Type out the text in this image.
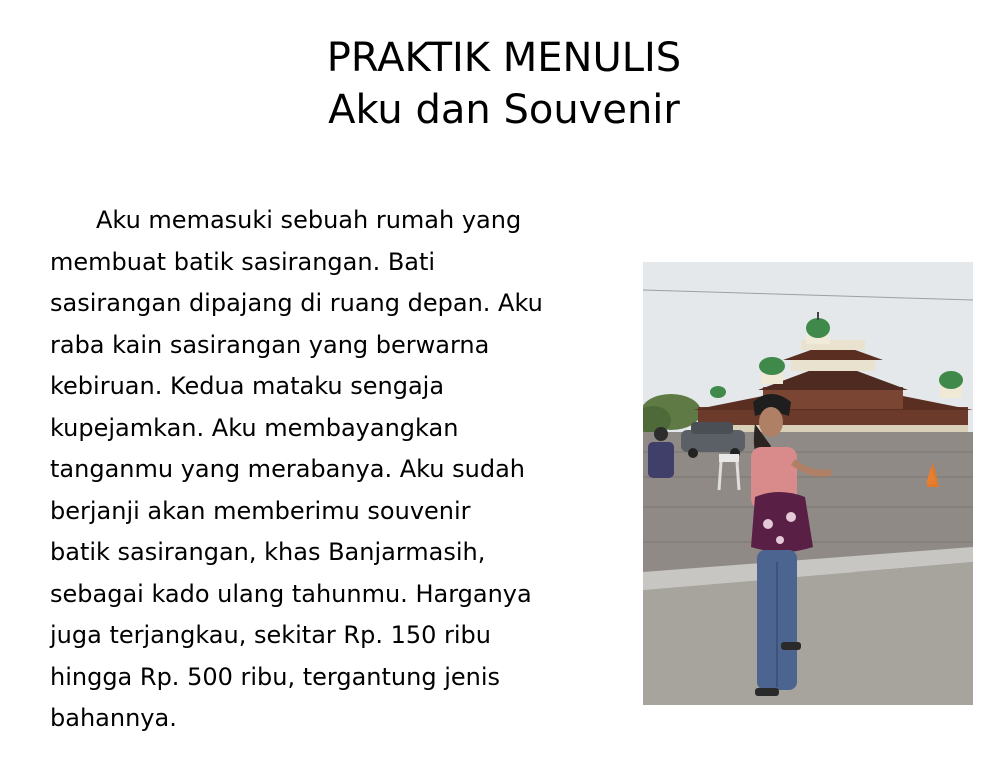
PRAKTIK MENULIS
Aku dan Souvenir
Aku memasuki sebuah rumah yang
membuat batik sasirangan. Bati
sasirangan dipajang di ruang depan. Aku
raba kain sasirangan yang berwarna
kebiruan. Kedua mataku sengaja
kupejamkan. Aku membayangkan
tanganmu yang merabanya. Aku sudah
berjanji akan memberimu souvenir
batik sasirangan, khas Banjarmasih,
sebagai kado ulang tahunmu. Harganya
juga terjangkau, sekitar Rp. 150 ribu
hingga Rp. 500 ribu, tergantung jenis
bahannya.
